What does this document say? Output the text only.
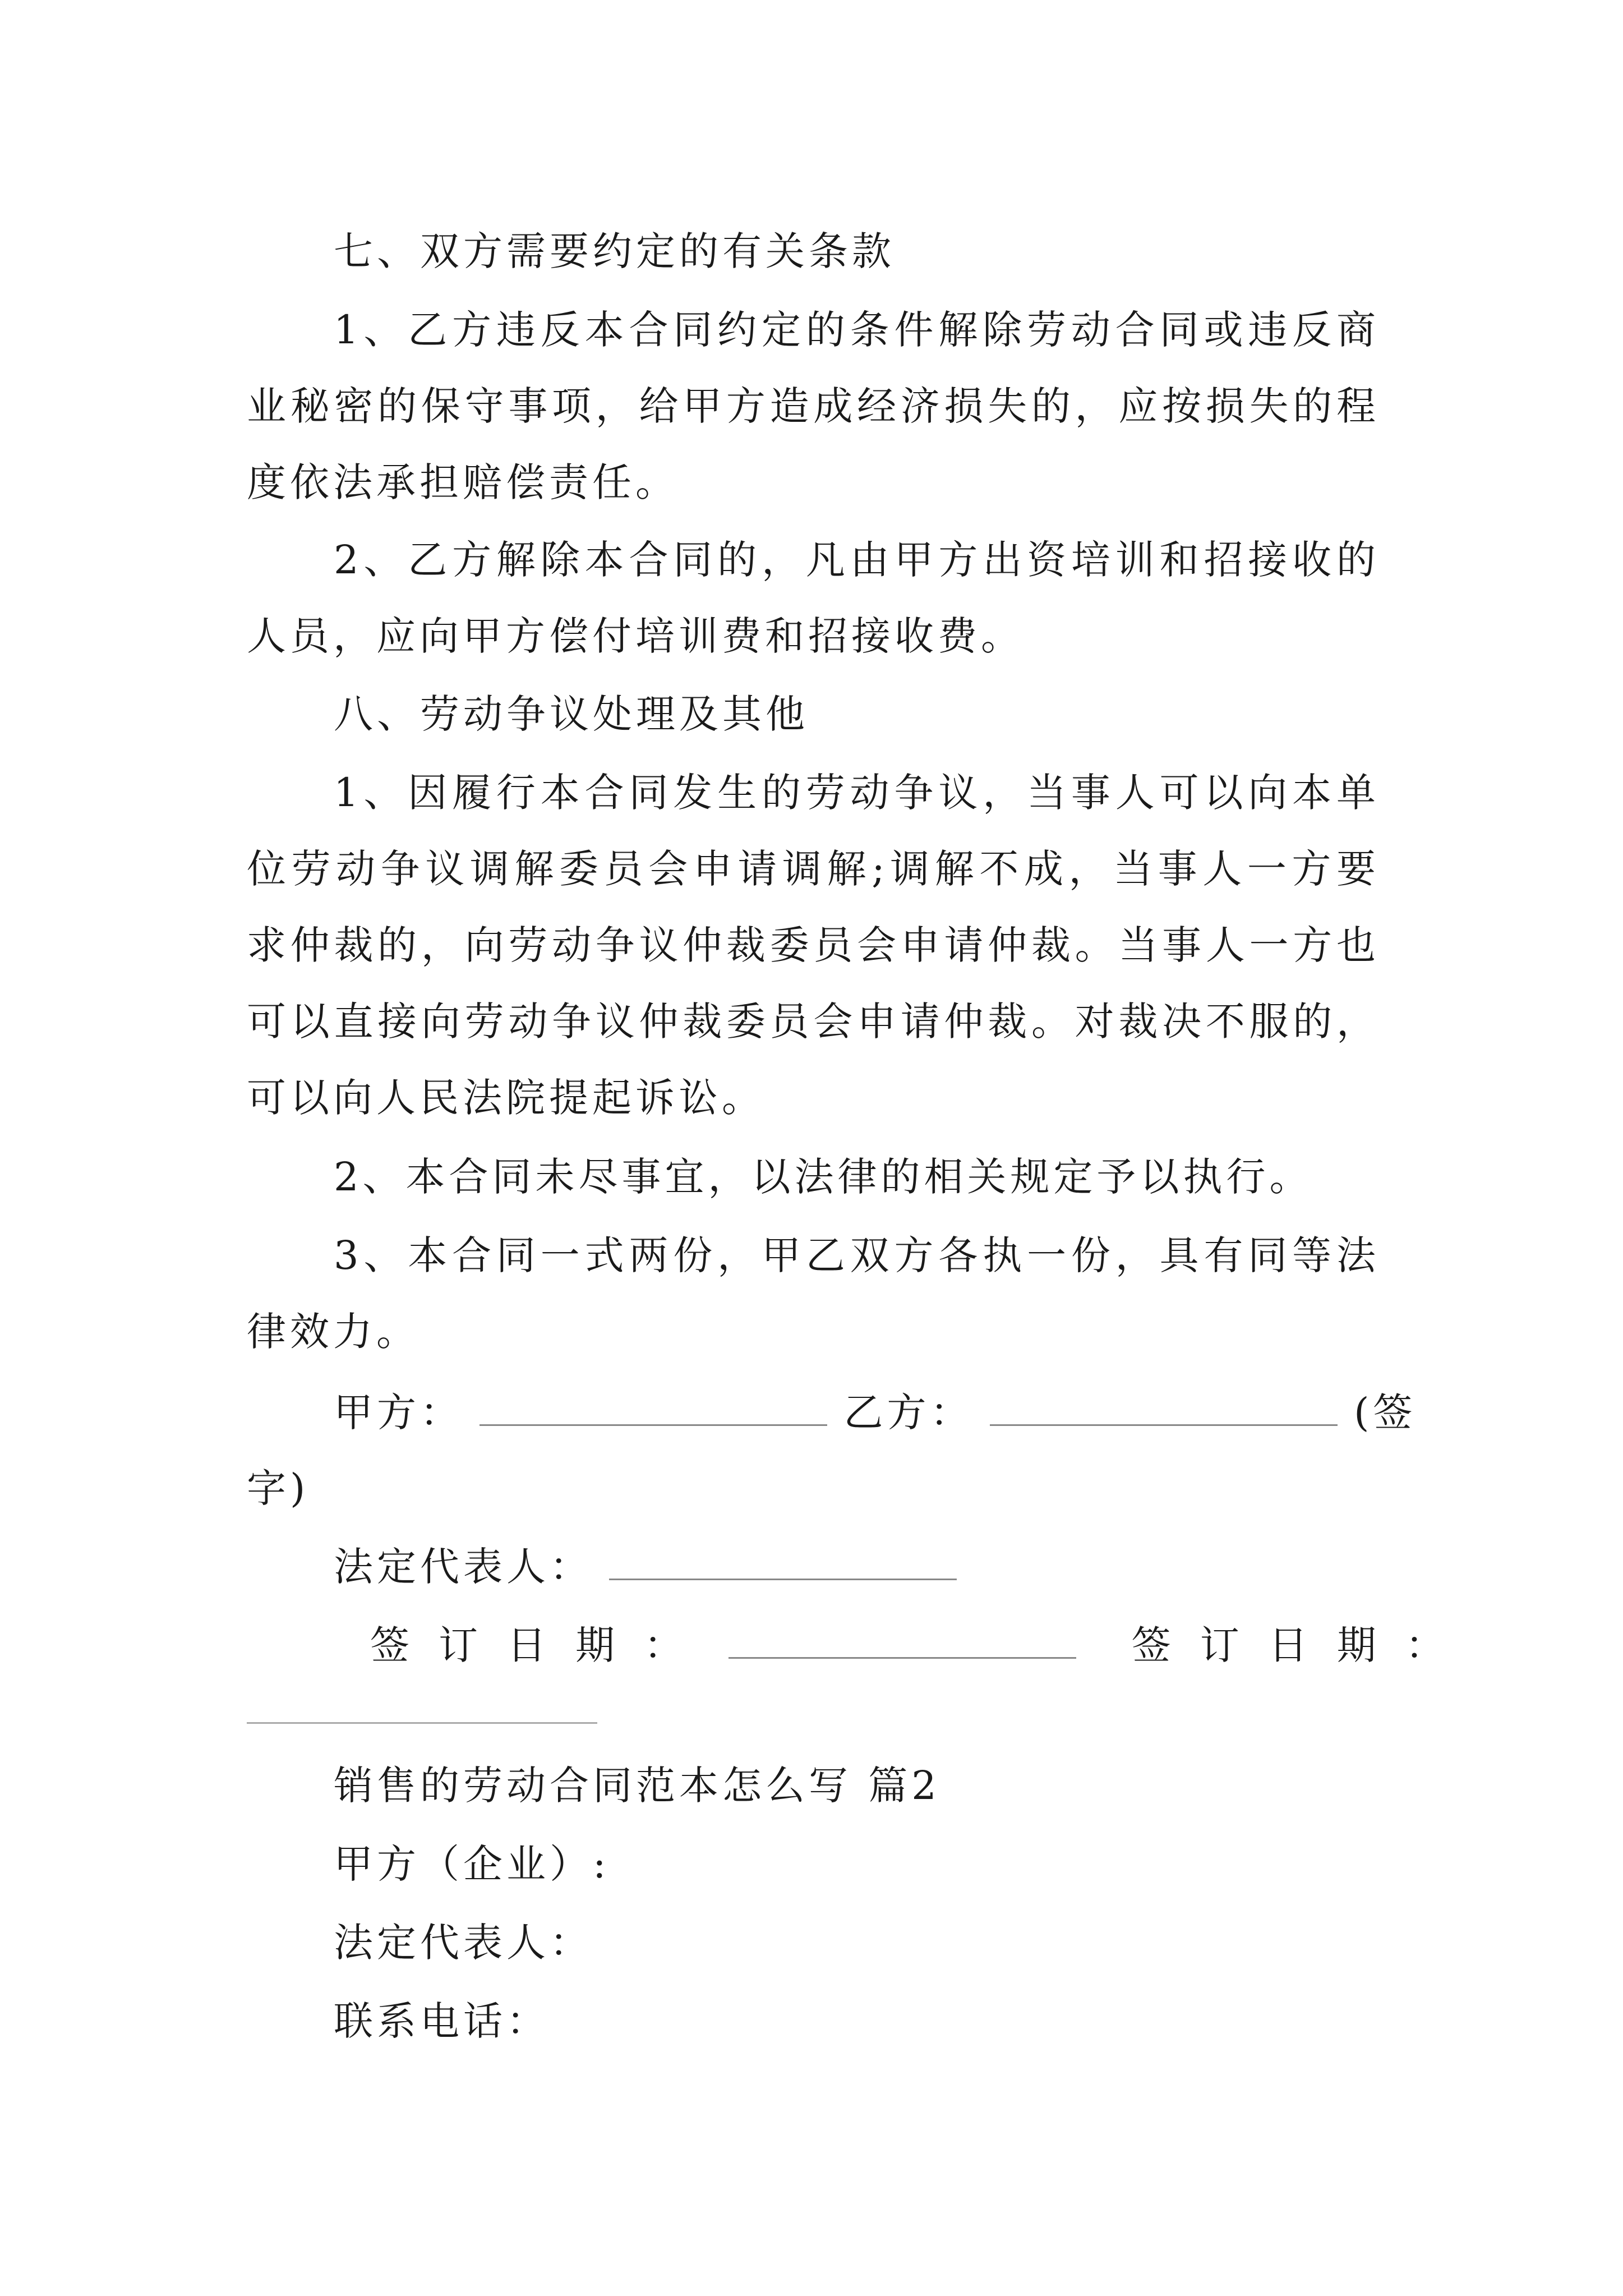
七、双方需要约定的有关条款

1、乙方违反本合同约定的条件解除劳动合同或违反商业秘密的保守事项，给甲方造成经济损失的，应按损失的程度依法承担赔偿责任。

2、乙方解除本合同的，凡由甲方出资培训和招接收的人员，应向甲方偿付培训费和招接收费。

八、劳动争议处理及其他

1、因履行本合同发生的劳动争议，当事人可以向本单位劳动争议调解委员会申请调解;调解不成，当事人一方要求仲裁的，向劳动争议仲裁委员会申请仲裁。当事人一方也可以直接向劳动争议仲裁委员会申请仲裁。对裁决不服的，可以向人民法院提起诉讼。

2、本合同未尽事宜，以法律的相关规定予以执行。

3、本合同一式两份，甲乙双方各执一份，具有同等法律效力。

甲方：	乙方：	(签
字)
法定代表人：
签订日期：	签订日期：
销售的劳动合同范本怎么写 篇2
甲方（企业）:
法定代表人：
联系电话：
